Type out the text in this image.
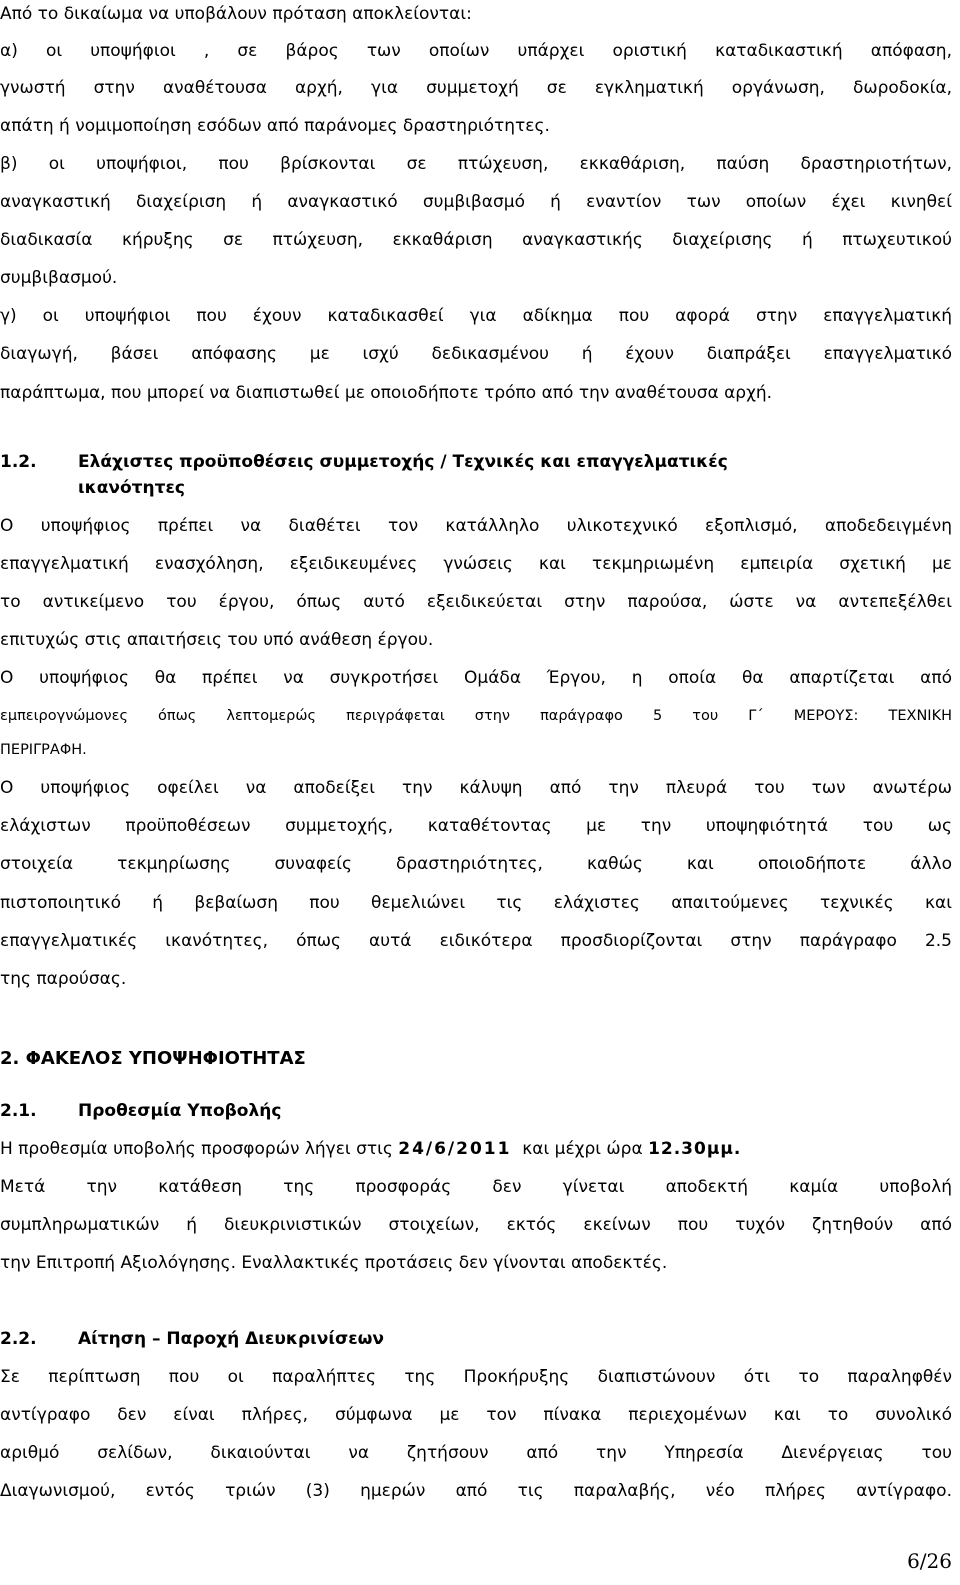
Από το δικαίωμα να υποβάλουν πρόταση αποκλείονται:
α) οι υποψήφιοι , σε βάρος των οποίων υπάρχει οριστική καταδικαστική απόφαση,
γνωστή στην αναθέτουσα αρχή, για συμμετοχή σε εγκληματική οργάνωση, δωροδοκία,
απάτη ή νομιμοποίηση εσόδων από παράνομες δραστηριότητες.
β) οι υποψήφιοι, που βρίσκονται σε πτώχευση, εκκαθάριση, παύση δραστηριοτήτων,
αναγκαστική διαχείριση ή αναγκαστικό συμβιβασμό ή εναντίον των οποίων έχει κινηθεί
διαδικασία κήρυξης σε πτώχευση, εκκαθάριση αναγκαστικής διαχείρισης ή πτωχευτικού
συμβιβασμού.
γ) οι υποψήφιοι που έχουν καταδικασθεί για αδίκημα που αφορά στην επαγγελματική
διαγωγή, βάσει απόφασης με ισχύ δεδικασμένου ή έχουν διαπράξει επαγγελματικό
παράπτωμα, που μπορεί να διαπιστωθεί με οποιοδήποτε τρόπο από την αναθέτουσα αρχή.
1.2.	Ελάχιστες προϋποθέσεις συμμετοχής / Τεχνικές και επαγγελματικές
ικανότητες
Ο υποψήφιος πρέπει να διαθέτει τον κατάλληλο υλικοτεχνικό εξοπλισμό, αποδεδειγμένη
επαγγελματική ενασχόληση, εξειδικευμένες γνώσεις και τεκμηριωμένη εμπειρία σχετική με
το αντικείμενο του έργου, όπως αυτό εξειδικεύεται στην παρούσα, ώστε να αντεπεξέλθει
επιτυχώς στις απαιτήσεις του υπό ανάθεση έργου.
Ο υποψήφιος θα πρέπει να συγκροτήσει Ομάδα Έργου, η οποία θα απαρτίζεται από
εμπειρογνώμονες όπως λεπτομερώς περιγράφεται στην παράγραφο 5 του Γ΄ ΜΕΡΟΥΣ: ΤΕΧΝΙΚΗ
ΠΕΡΙΓΡΑΦΗ.
Ο υποψήφιος οφείλει να αποδείξει την κάλυψη από την πλευρά του των ανωτέρω
ελάχιστων προϋποθέσεων συμμετοχής, καταθέτοντας με την υποψηφιότητά του ως
στοιχεία τεκμηρίωσης συναφείς δραστηριότητες, καθώς και οποιοδήποτε άλλο
πιστοποιητικό ή βεβαίωση που θεμελιώνει τις ελάχιστες απαιτούμενες τεχνικές και
επαγγελματικές ικανότητες, όπως αυτά ειδικότερα προσδιορίζονται στην παράγραφο 2.5
της παρούσας.
2. ΦΑΚΕΛΟΣ ΥΠΟΨΗΦΙΟΤΗΤΑΣ
2.1.	Προθεσμία Υποβολής
Η προθεσμία υποβολής προσφορών λήγει στις 24/6/2011  και μέχρι ώρα 12.30μμ.
Μετά την κατάθεση της προσφοράς δεν γίνεται αποδεκτή καμία υποβολή
συμπληρωματικών ή διευκρινιστικών στοιχείων, εκτός εκείνων που τυχόν ζητηθούν από
την Επιτροπή Αξιολόγησης. Εναλλακτικές προτάσεις δεν γίνονται αποδεκτές.
2.2.	Αίτηση – Παροχή Διευκρινίσεων
Σε περίπτωση που οι παραλήπτες της Προκήρυξης διαπιστώνουν ότι το παραληφθέν
αντίγραφο δεν είναι πλήρες, σύμφωνα με τον πίνακα περιεχομένων και το συνολικό
αριθμό σελίδων, δικαιούνται να ζητήσουν από την Υπηρεσία Διενέργειας του
Διαγωνισμού, εντός τριών (3) ημερών από τις παραλαβής, νέο πλήρες αντίγραφο.
6/26
